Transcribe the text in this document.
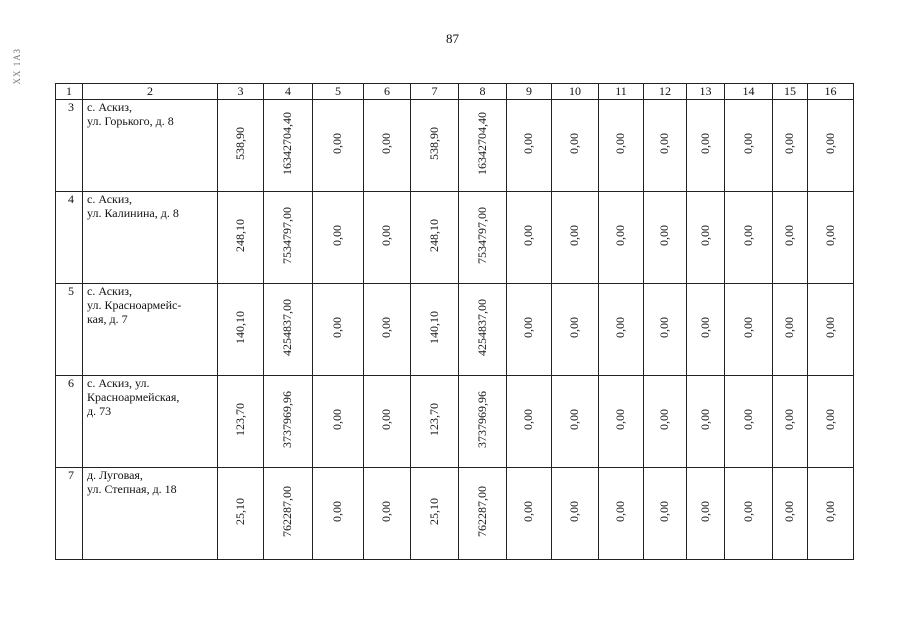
87
XX 1АЗ
1	2	3	4	5	6	7	8	9	10	11	12	13	14	15	16
3	с. Аскиз,
ул. Горького, д. 8	538,90	16342704,40	0,00	0,00	538,90	16342704,40	0,00	0,00	0,00	0,00	0,00	0,00	0,00	0,00
4	с. Аскиз,
ул. Калинина, д. 8	248,10	7534797,00	0,00	0,00	248,10	7534797,00	0,00	0,00	0,00	0,00	0,00	0,00	0,00	0,00
5	с. Аскиз,
ул. Красноармейс-
кая, д. 7	140,10	4254837,00	0,00	0,00	140,10	4254837,00	0,00	0,00	0,00	0,00	0,00	0,00	0,00	0,00
6	с. Аскиз, ул.
Красноармейская,
д. 73	123,70	3737969,96	0,00	0,00	123,70	3737969,96	0,00	0,00	0,00	0,00	0,00	0,00	0,00	0,00
7	д. Луговая,
ул. Степная, д. 18	25,10	762287,00	0,00	0,00	25,10	762287,00	0,00	0,00	0,00	0,00	0,00	0,00	0,00	0,00
